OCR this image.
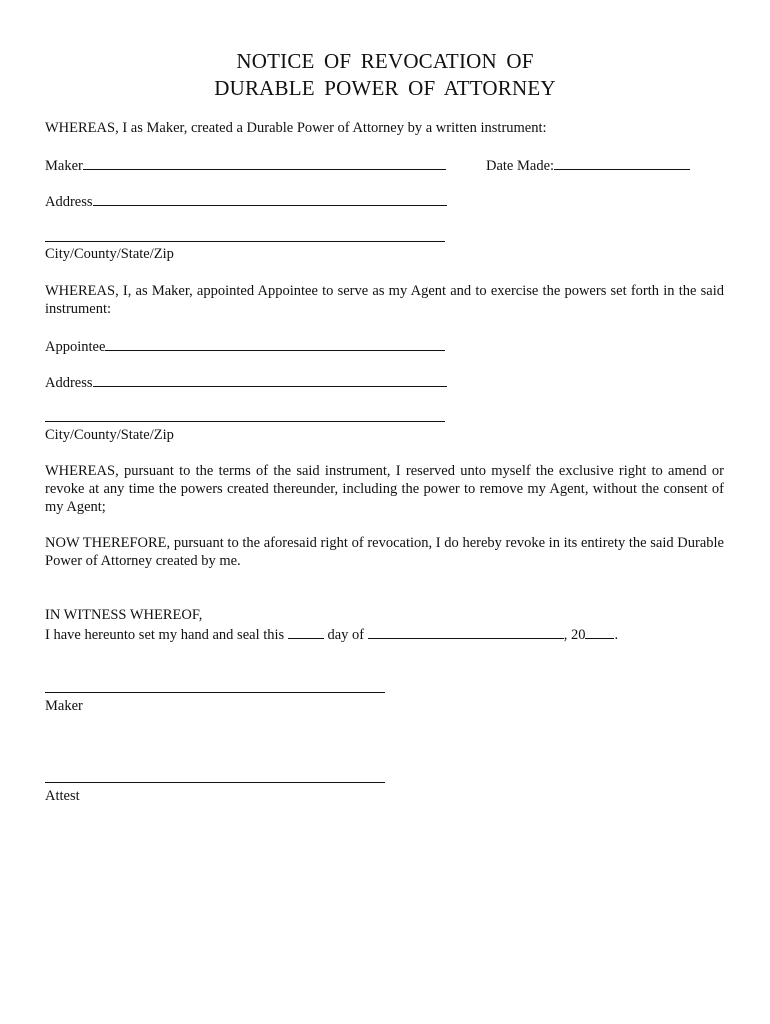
NOTICE OF REVOCATION OF
DURABLE POWER OF ATTORNEY
WHEREAS, I as Maker, created a Durable Power of Attorney by a written instrument:
Maker	Date Made:
Address
City/County/State/Zip
WHEREAS, I, as Maker, appointed Appointee to serve as my Agent and to exercise the powers set forth in the said instrument:
Appointee
Address
City/County/State/Zip
WHEREAS, pursuant to the terms of the said instrument, I reserved unto myself the exclusive right to amend or revoke at any time the powers created thereunder, including the power to remove my Agent, without the consent of my Agent;
NOW THEREFORE, pursuant to the aforesaid right of revocation, I do hereby revoke in its entirety the said Durable Power of Attorney created by me.
IN WITNESS WHEREOF,
I have hereunto set my hand and seal this  day of	, 20 .
Maker
Attest
